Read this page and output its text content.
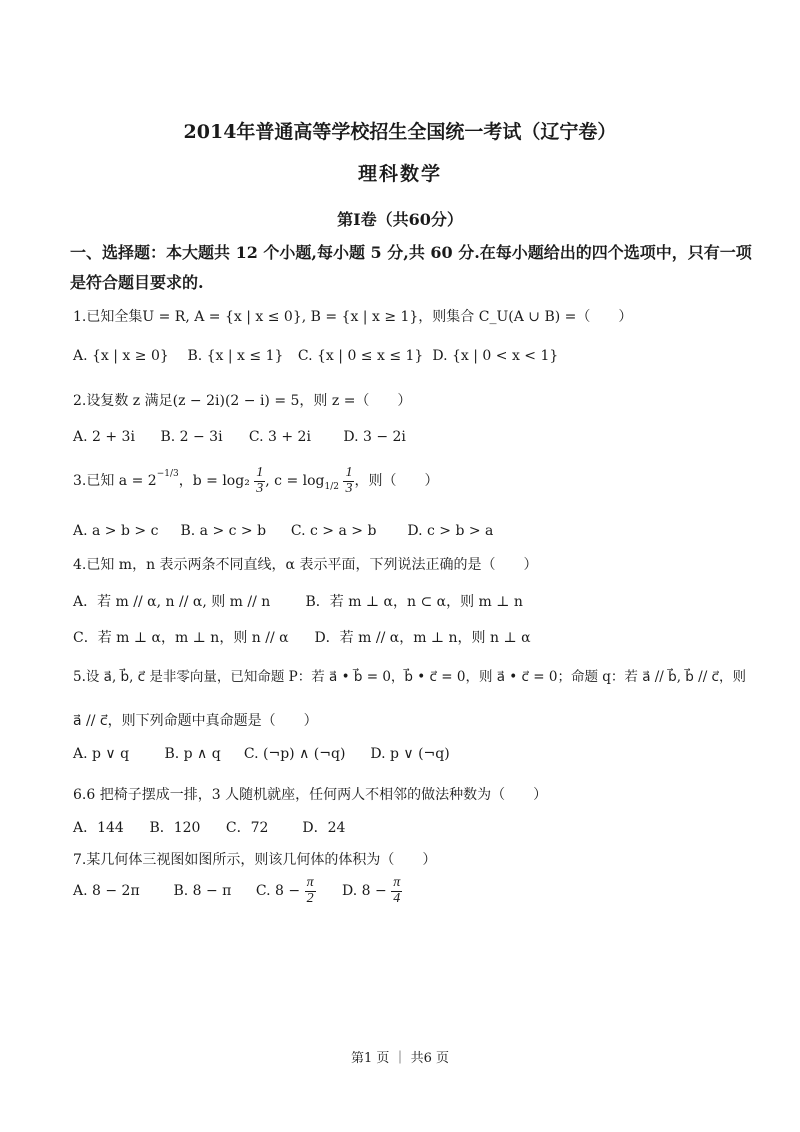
2014年普通高等学校招生全国统一考试（辽宁卷）
理科数学
第Ⅰ卷（共60分）
一、选择题：本大题共 12 个小题,每小题 5 分,共 60 分.在每小题给出的四个选项中，只有一项
是符合题目要求的.
1.已知全集U = R, A = {x | x ≤ 0}, B = {x | x ≥ 1}，则集合 C_U(A ∪ B) =（　　）
A. {x | x ≥ 0} B. {x | x ≤ 1} C. {x | 0 ≤ x ≤ 1} D. {x | 0 < x < 1}
2.设复数 z 满足(z − 2i)(2 − i) = 5，则 z =（　　）
A. 2 + 3i B. 2 − 3i C. 3 + 2i D. 3 − 2i
3.已知 $a = 2^{-1/3}$，$b = \log_2 \frac{1}{3}$ , $c = \log_{1/2} \frac{1}{3}$ ，则（　　）
A. a > b > c B. a > c > b C. c > a > b D. c > b > a
4.已知 m，n 表示两条不同直线，α 表示平面，下列说法正确的是（　　）
A．若 m // α, n // α, 则 m // n	B．若 m ⊥ α，n ⊂ α，则 m ⊥ n
C．若 m ⊥ α，m ⊥ n，则 n // α D．若 m // α，m ⊥ n，则 n ⊥ α
5.设 a⃗, b⃗, c⃗ 是非零向量，已知命题 P：若 a⃗ • b⃗ = 0，b⃗ • c⃗ = 0，则 a⃗ • c⃗ = 0；命题 q：若 a⃗ // b⃗, b⃗ // c⃗，则
a⃗ // c⃗，则下列命题中真命题是（　　）
A. p ∨ q	B. p ∧ q C. (¬p) ∧ (¬q) D. p ∨ (¬q)
6.6 把椅子摆成一排，3 人随机就座，任何两人不相邻的做法种数为（　　）
A．144 B．120 C．72 D．24
7.某几何体三视图如图所示，则该几何体的体积为（　　）
A. 8 − 2π B. 8 − π C. $8 - \frac{\pi}{2} D$. $8 - \frac{\pi}{4}$
第1 页 ｜ 共6 页
